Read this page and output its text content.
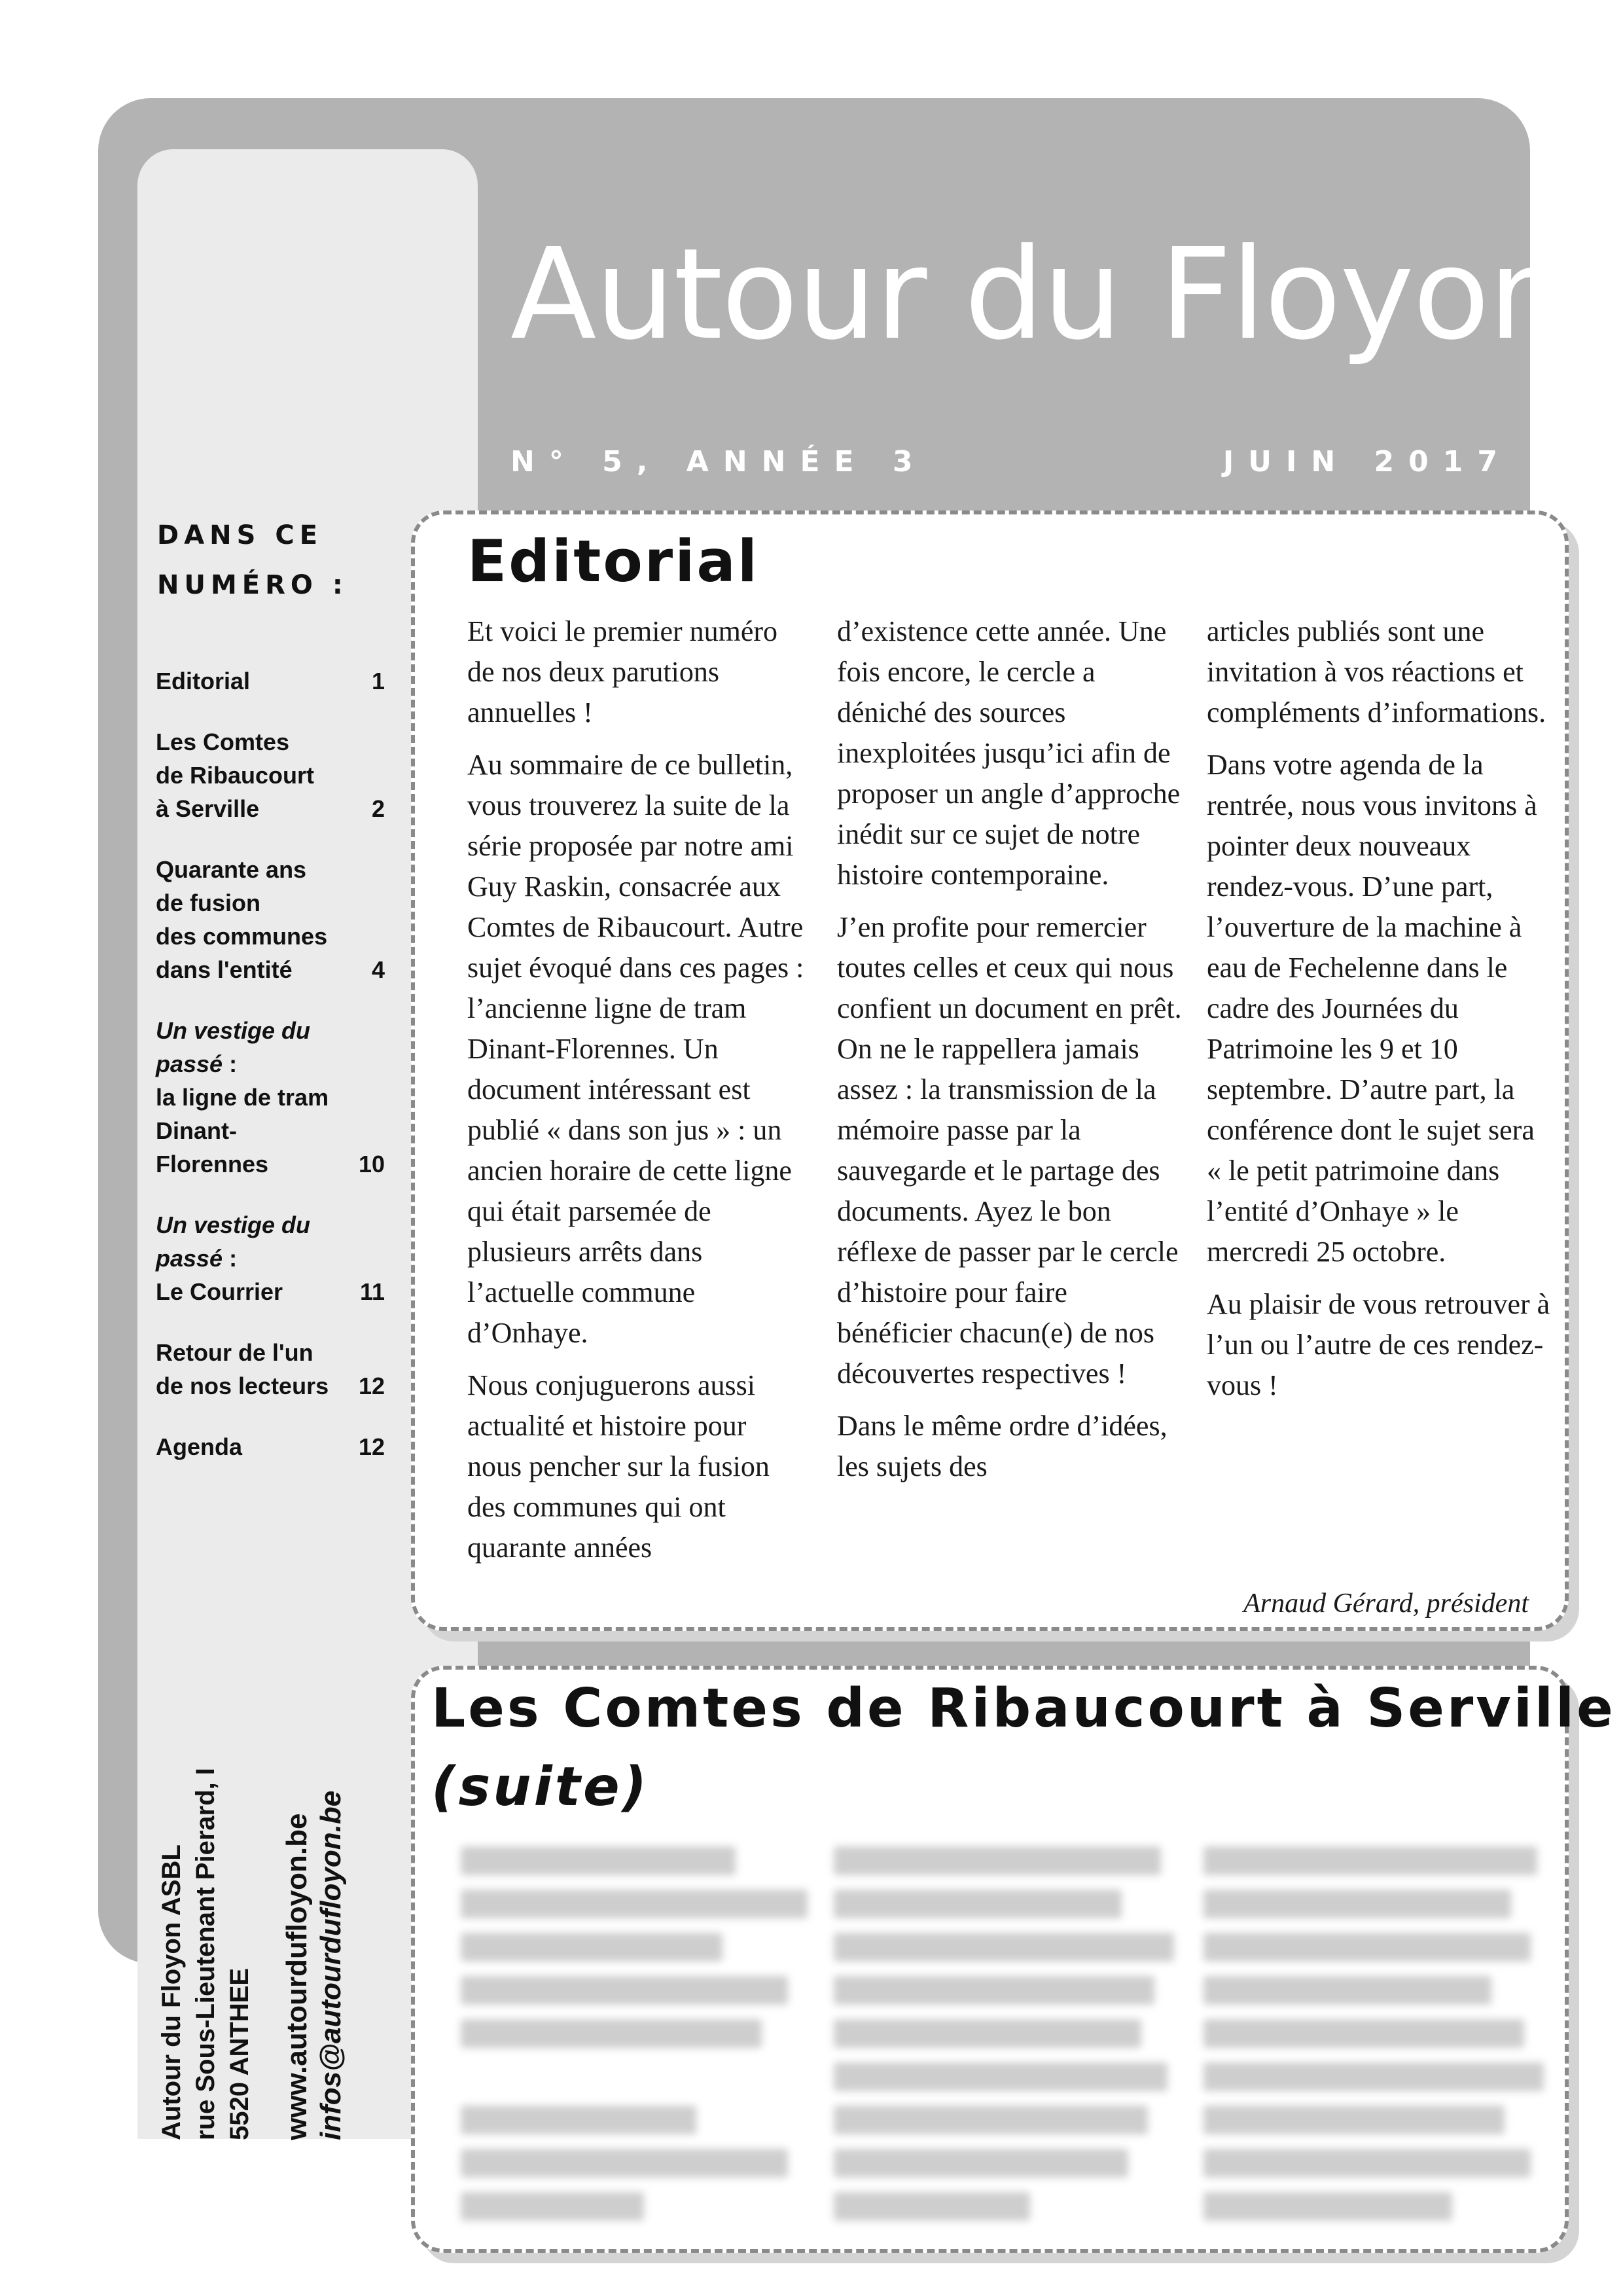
Autour du Floyon
N° 5, ANNÉE 3	JUIN 2017
DANS CE NUMÉRO :
Editorial	1
Les Comtes
de Ribaucourt
à Serville	2
Quarante ans
de fusion
des communes
dans l'entité	4
Un vestige du passé :
la ligne de tram
Dinant-
Florennes	10
Un vestige du passé :
Le Courrier	11
Retour de l'un
de nos lecteurs 12
Agenda	12
Autour du Floyon ASBL rue Sous-Lieutenant Pierard, I 5520 ANTHEE www.autourdufloyon.be infos@autourdufloyon.be
Editorial

Et voici le premier numéro de nos deux parutions annuelles !

Au sommaire de ce bulletin, vous trouverez la suite de la série proposée par notre ami Guy Raskin, consacrée aux Comtes de Ribaucourt. Autre sujet évoqué dans ces pages : l’ancienne ligne de tram Dinant-Florennes. Un document intéressant est publié « dans son jus » : un ancien horaire de cette ligne qui était parsemée de plusieurs arrêts dans l’actuelle commune d’Onhaye.

Nous conjuguerons aussi actualité et histoire pour nous pencher sur la fusion des communes qui ont quarante années

d’existence cette année. Une fois encore, le cercle a déniché des sources inexploitées jusqu’ici afin de proposer un angle d’approche inédit sur ce sujet de notre histoire contemporaine.

J’en profite pour remercier toutes celles et ceux qui nous confient un document en prêt. On ne le rappellera jamais assez : la transmission de la mémoire passe par la sauvegarde et le partage des documents. Ayez le bon réflexe de passer par le cercle d’histoire pour faire bénéficier chacun(e) de nos découvertes respectives !

Dans le même ordre d’idées, les sujets des

articles publiés sont une invitation à vos réactions et compléments d’informations.

Dans votre agenda de la rentrée, nous vous invitons à pointer deux nouveaux rendez-vous. D’une part, l’ouverture de la machine à eau de Fechelenne dans le cadre des Journées du Patrimoine les 9 et 10 septembre. D’autre part, la conférence dont le sujet sera « le petit patrimoine dans l’entité d’Onhaye » le mercredi 25 octobre.

Au plaisir de vous retrouver à l’un ou l’autre de ces rendez-vous !

Arnaud Gérard, président
Les Comtes de Ribaucourt à Serville
(suite)
